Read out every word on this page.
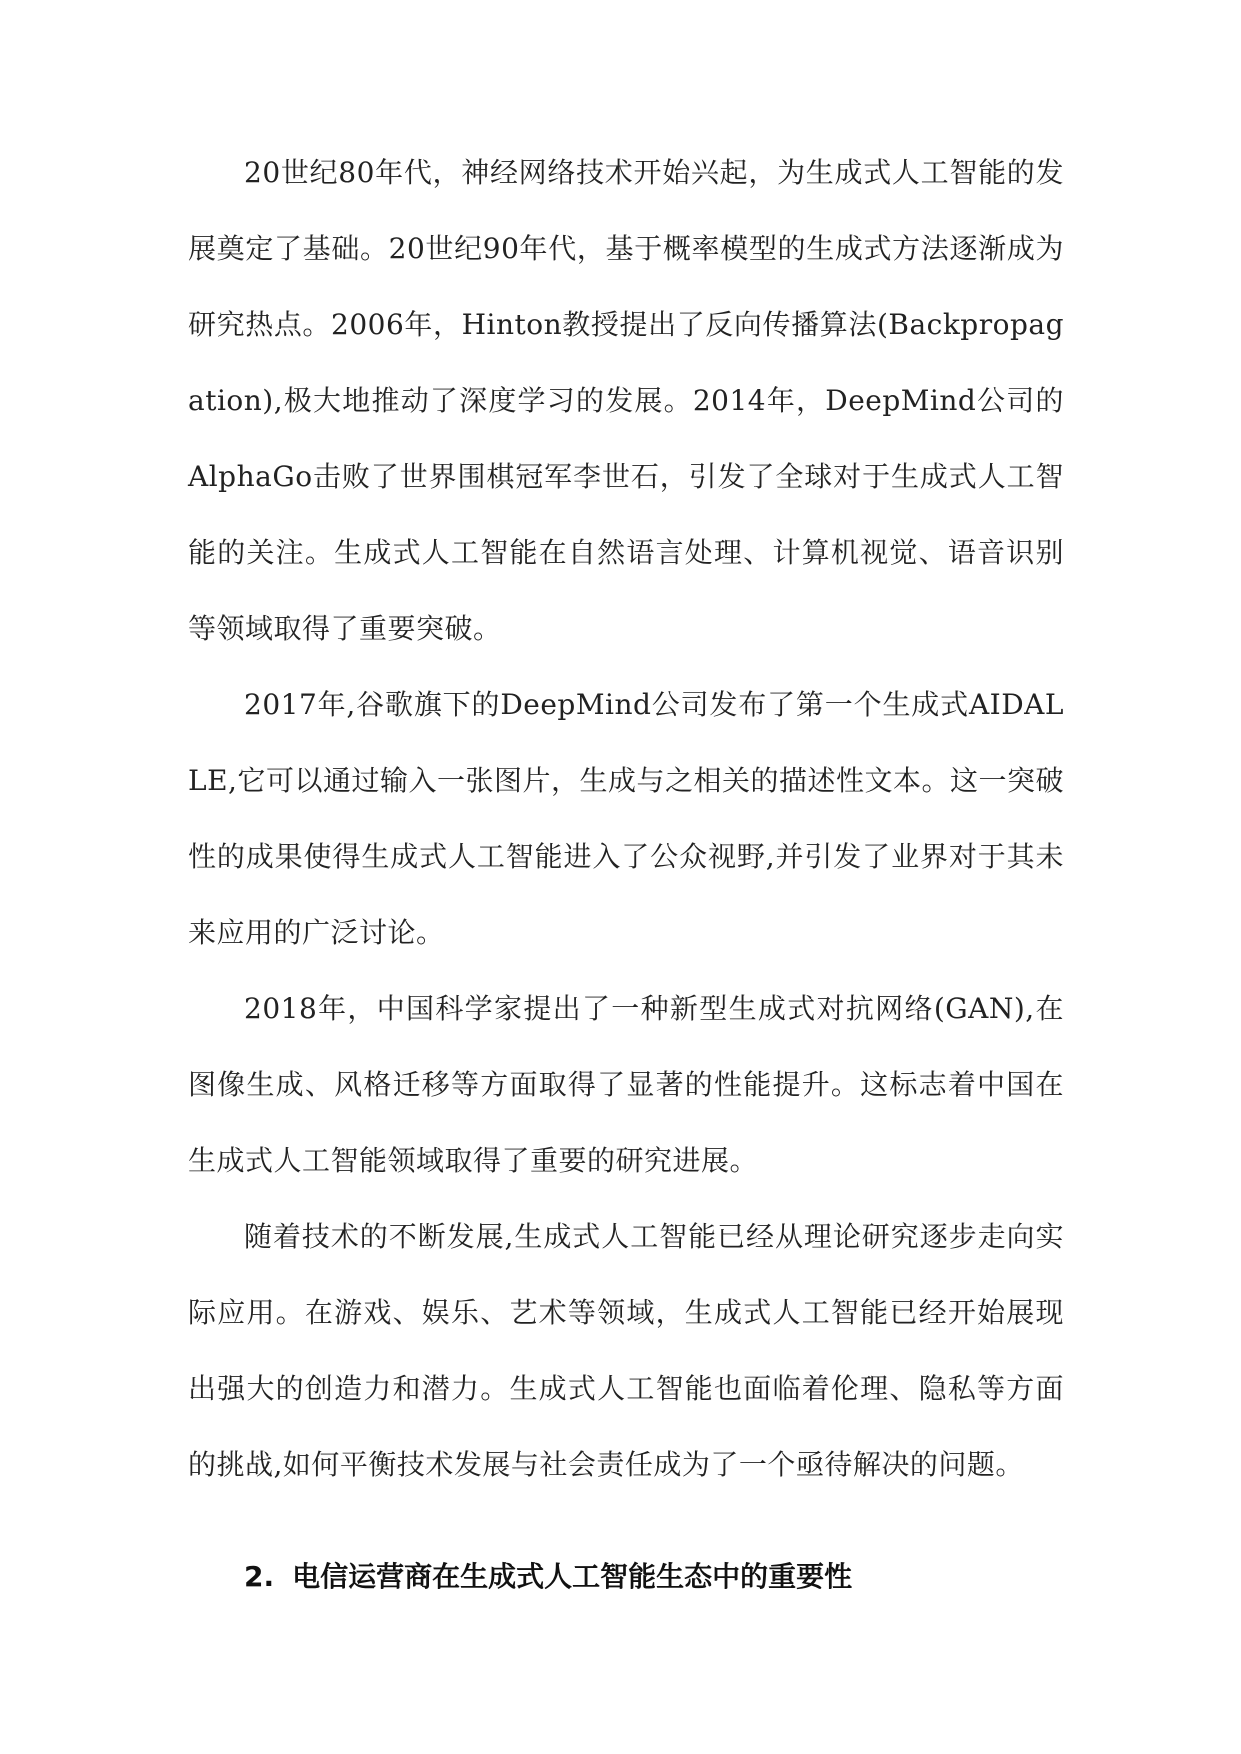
20世纪80年代，神经网络技术开始兴起，为生成式人工智能的发展奠定了基础。20世纪90年代，基于概率模型的生成式方法逐渐成为研究热点。2006年，Hinton教授提出了反向传播算法(Backpropagation),极大地推动了深度学习的发展。2014年，DeepMind公司的AlphaGo击败了世界围棋冠军李世石，引发了全球对于生成式人工智能的关注。生成式人工智能在自然语言处理、计算机视觉、语音识别等领域取得了重要突破。

2017年,谷歌旗下的DeepMind公司发布了第一个生成式AIDALLE,它可以通过输入一张图片，生成与之相关的描述性文本。这一突破性的成果使得生成式人工智能进入了公众视野,并引发了业界对于其未来应用的广泛讨论。

2018年，中国科学家提出了一种新型生成式对抗网络(GAN),在图像生成、风格迁移等方面取得了显著的性能提升。这标志着中国在生成式人工智能领域取得了重要的研究进展。

随着技术的不断发展,生成式人工智能已经从理论研究逐步走向实际应用。在游戏、娱乐、艺术等领域，生成式人工智能已经开始展现出强大的创造力和潜力。生成式人工智能也面临着伦理、隐私等方面的挑战,如何平衡技术发展与社会责任成为了一个亟待解决的问题。

2. 电信运营商在生成式人工智能生态中的重要性
